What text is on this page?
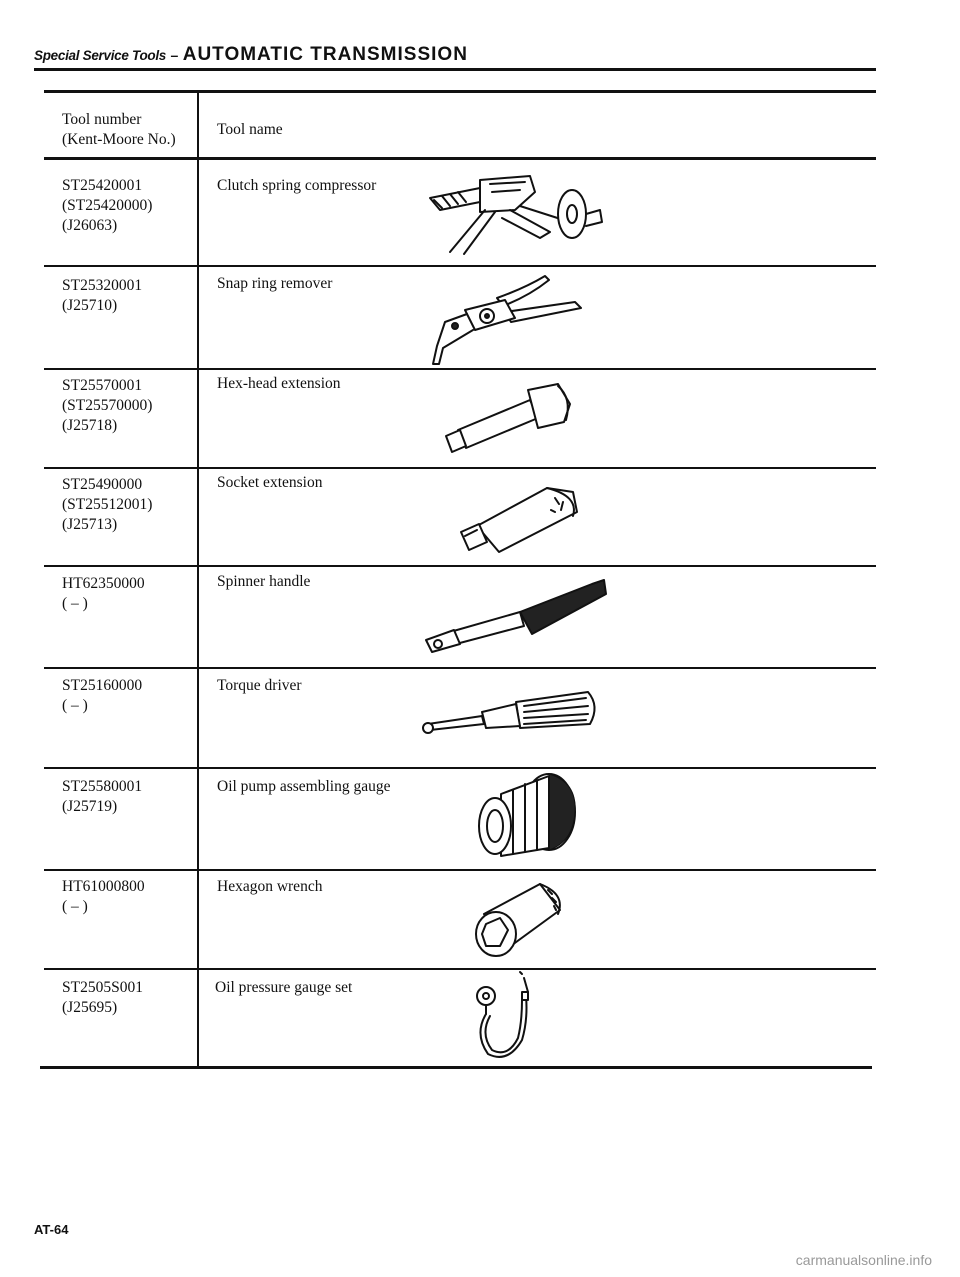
Special Service Tools – AUTOMATIC TRANSMISSION
Tool number
(Kent-Moore No.)
Tool name
ST25420001
(ST25420000)
(J26063)
Clutch spring compressor
ST25320001
(J25710)
Snap ring remover
ST25570001
(ST25570000)
(J25718)
Hex-head extension
ST25490000
(ST25512001)
(J25713)
Socket extension
HT62350000
( – )
Spinner handle
ST25160000
( – )
Torque driver
ST25580001
(J25719)
Oil pump assembling gauge
HT61000800
( – )
Hexagon wrench
ST2505S001
(J25695)
Oil pressure gauge set
AT-64
carmanualsonline.info
